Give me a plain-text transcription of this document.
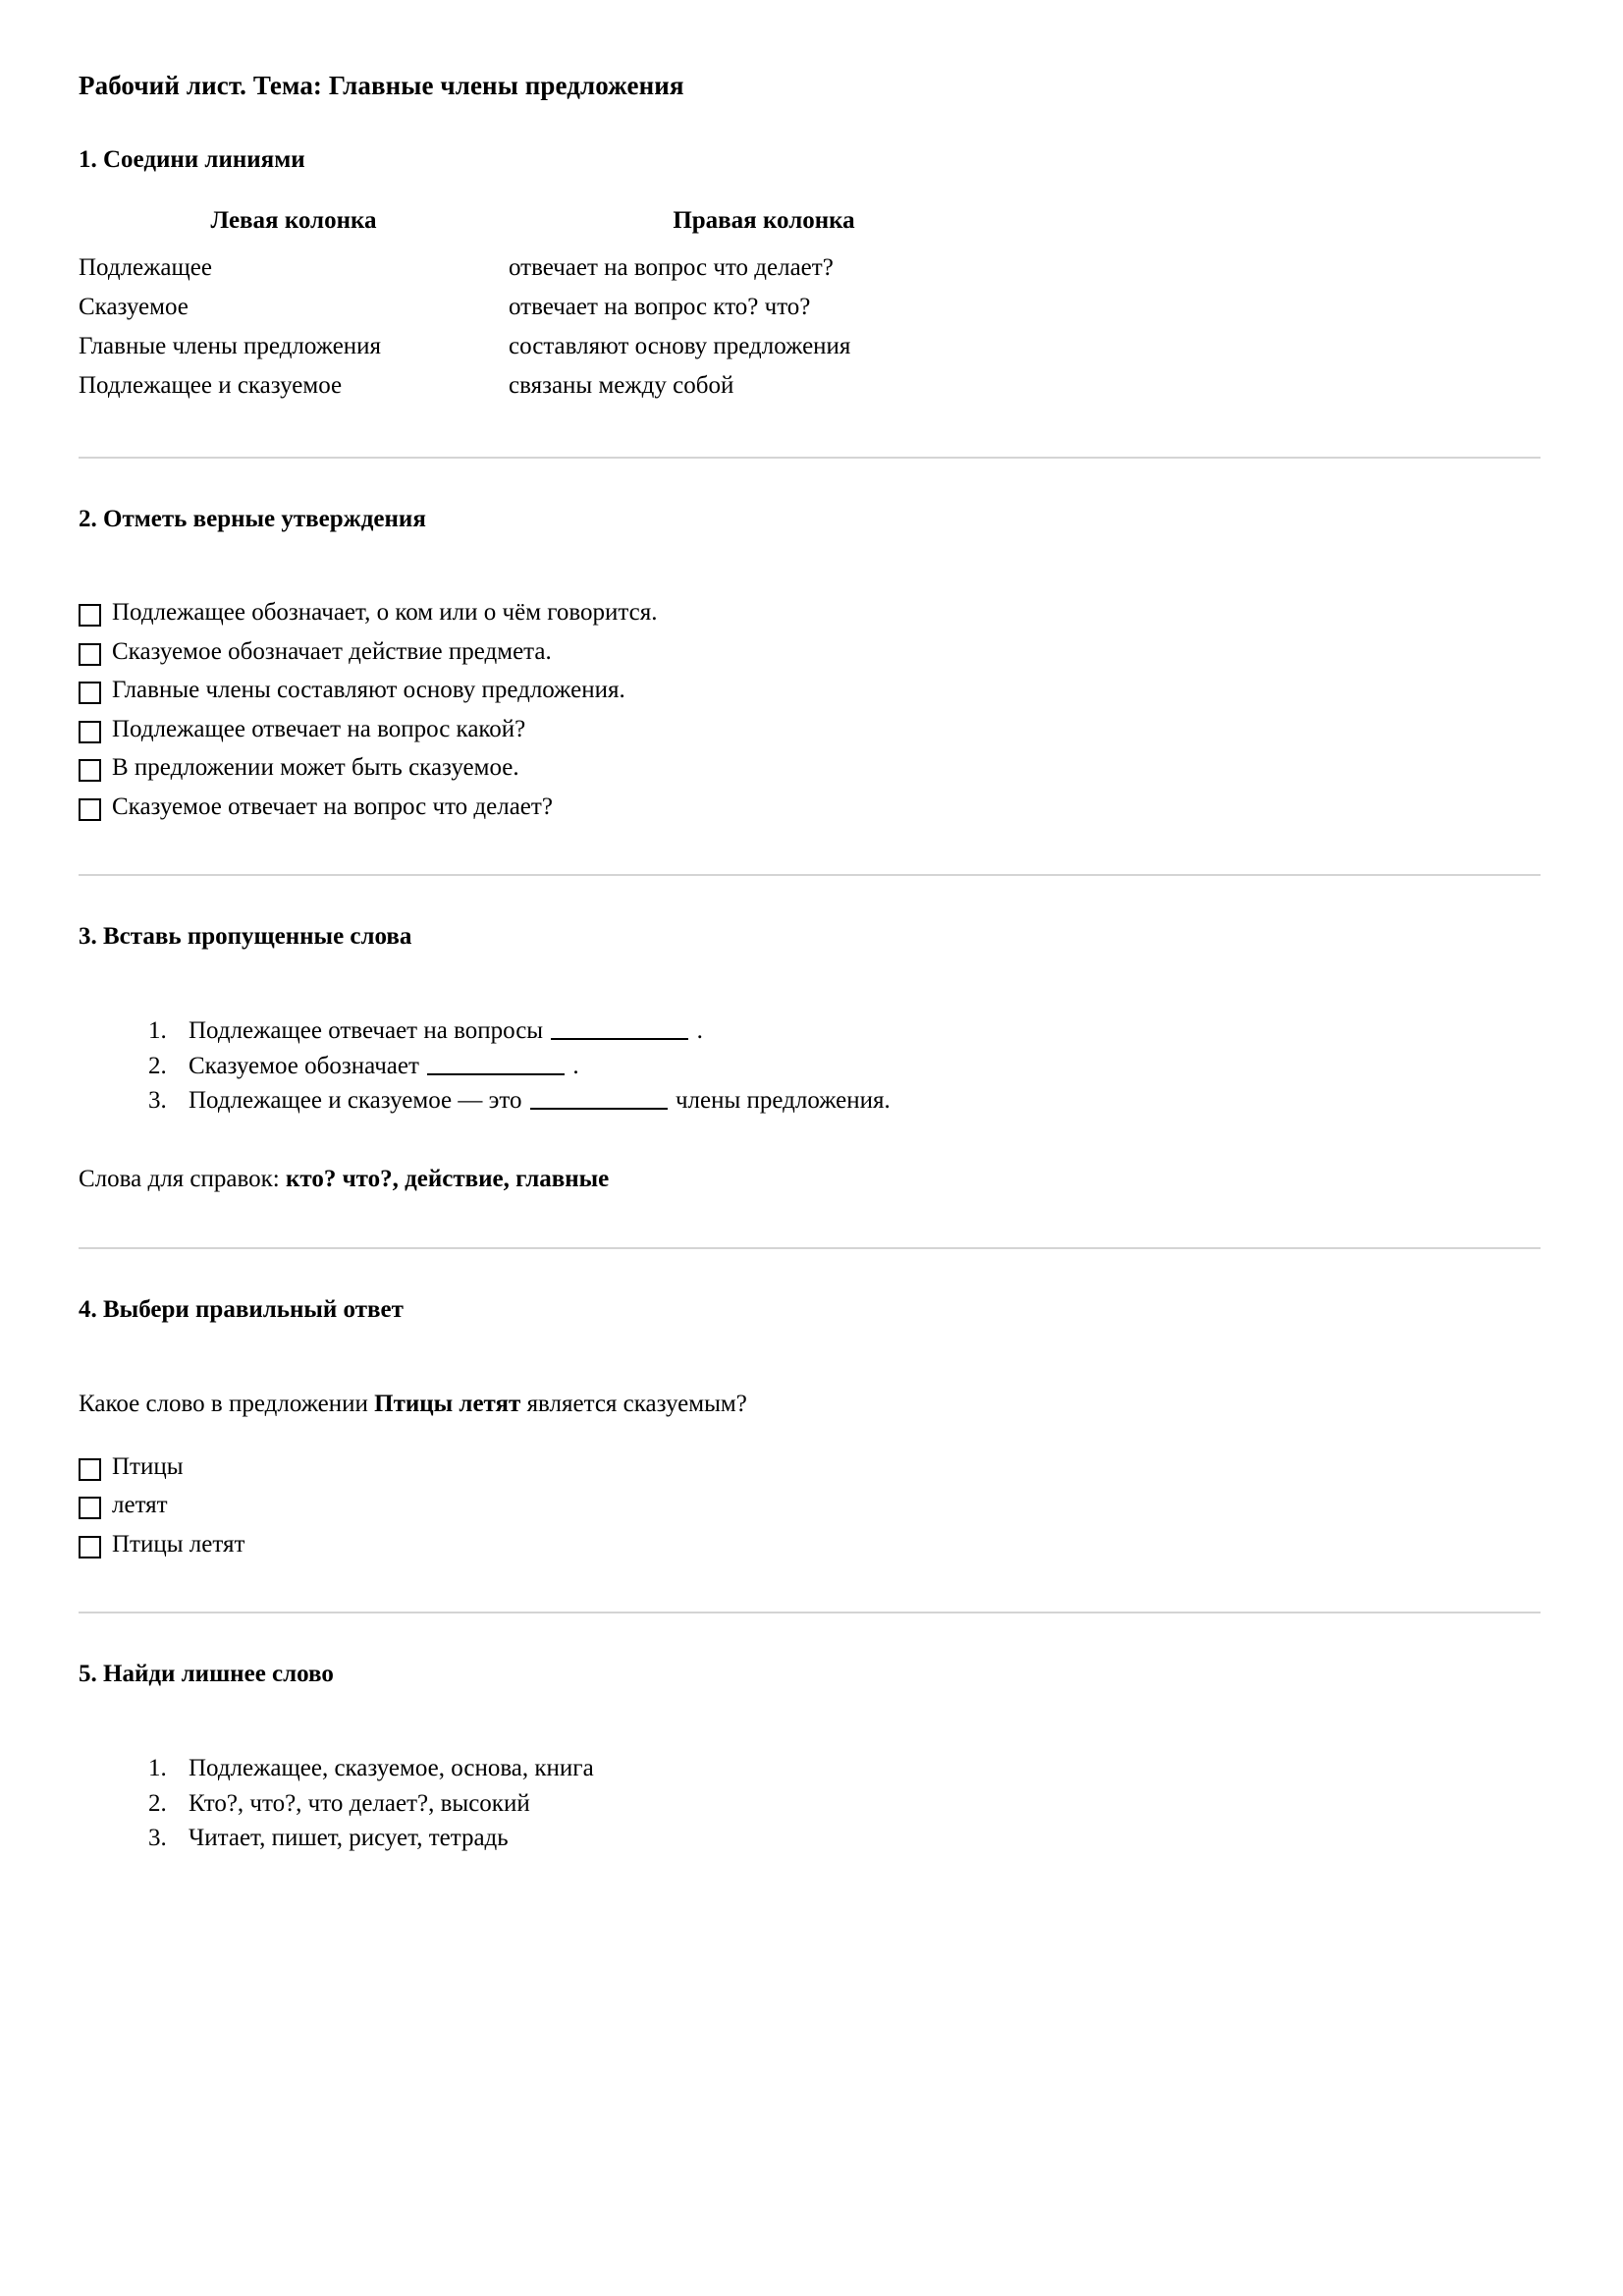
Рабочий лист. Тема: Главные члены предложения
1. Соедини линиями
Левая колонка	Правая колонка
Подлежащее	отвечает на вопрос что делает?
Сказуемое	отвечает на вопрос кто? что?
Главные члены предложения	составляют основу предложения
Подлежащее и сказуемое	связаны между собой
2. Отметь верные утверждения
Подлежащее обозначает, о ком или о чём говорится.
Сказуемое обозначает действие предмета.
Главные члены составляют основу предложения.
Подлежащее отвечает на вопрос какой?
В предложении может быть сказуемое.
Сказуемое отвечает на вопрос что делает?
3. Вставь пропущенные слова
1. Подлежащее отвечает на вопросы	.
2. Сказуемое обозначает	.
3. Подлежащее и сказуемое — это	члены предложения.

Слова для справок: кто? что?, действие, главные

4. Выбери правильный ответ

Какое слово в предложении Птицы летят является сказуемым?

Птицы
летят
Птицы летят
5. Найди лишнее слово
1. Подлежащее, сказуемое, основа, книга
2. Кто?, что?, что делает?, высокий
3. Читает, пишет, рисует, тетрадь
